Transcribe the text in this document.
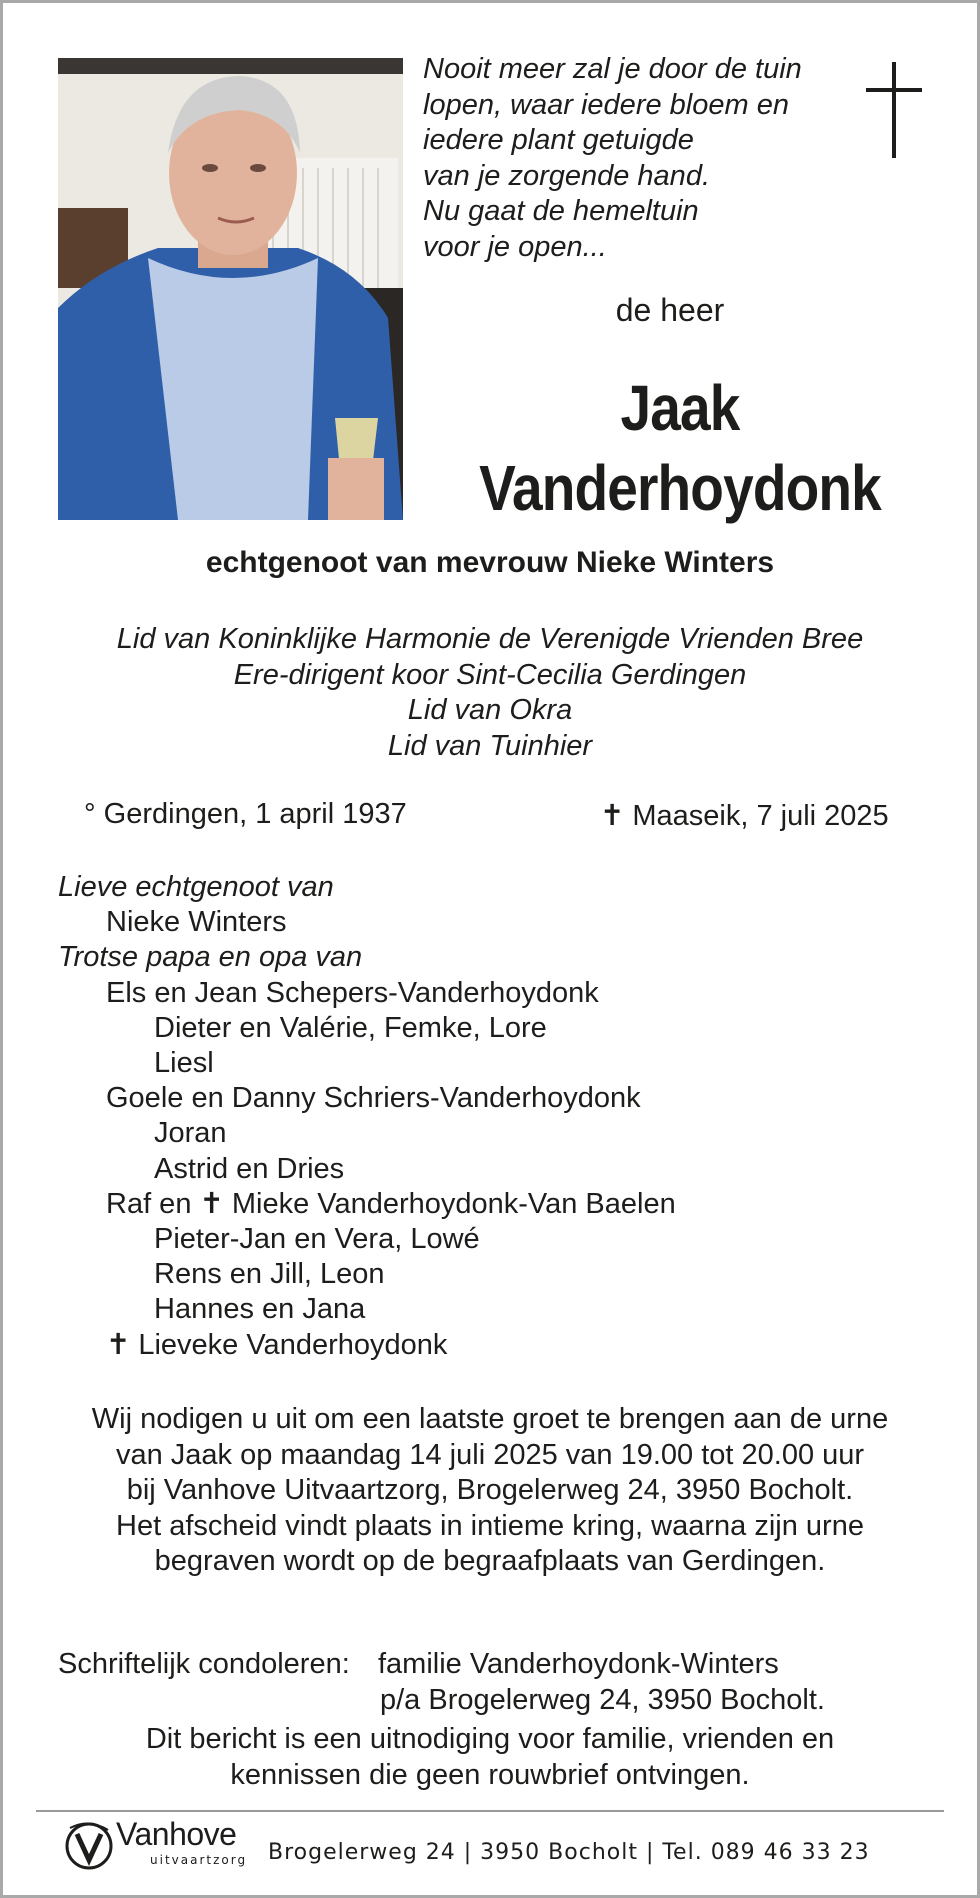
Nooit meer zal je door de tuin
lopen, waar iedere bloem en
iedere plant getuigde
van je zorgende hand.
Nu gaat de hemeltuin
voor je open...
de heer
Jaak
Vanderhoydonk
echtgenoot van mevrouw Nieke Winters
Lid van Koninklijke Harmonie de Verenigde Vrienden Bree
Ere-dirigent koor Sint-Cecilia Gerdingen
Lid van Okra
Lid van Tuinhier
° Gerdingen, 1 april 1937	✝ Maaseik, 7 juli 2025
Lieve echtgenoot van
Nieke Winters
Trotse papa en opa van
Els en Jean Schepers-Vanderhoydonk
Dieter en Valérie, Femke, Lore
Liesl
Goele en Danny Schriers-Vanderhoydonk
Joran
Astrid en Dries
Raf en ✝ Mieke Vanderhoydonk-Van Baelen
Pieter-Jan en Vera, Lowé
Rens en Jill, Leon
Hannes en Jana
✝ Lieveke Vanderhoydonk
Wij nodigen u uit om een laatste groet te brengen aan de urne
van Jaak op maandag 14 juli 2025 van 19.00 tot 20.00 uur
bij Vanhove Uitvaartzorg, Brogelerweg 24, 3950 Bocholt.
Het afscheid vindt plaats in intieme kring, waarna zijn urne
begraven wordt op de begraafplaats van Gerdingen.
Schriftelijk condoleren: familie Vanderhoydonk-Winters
p/a Brogelerweg 24, 3950 Bocholt.
Dit bericht is een uitnodiging voor familie, vrienden en
kennissen die geen rouwbrief ontvingen.
Vanhove
uitvaartzorg Brogelerweg 24 | 3950 Bocholt | Tel. 089 46 33 23
